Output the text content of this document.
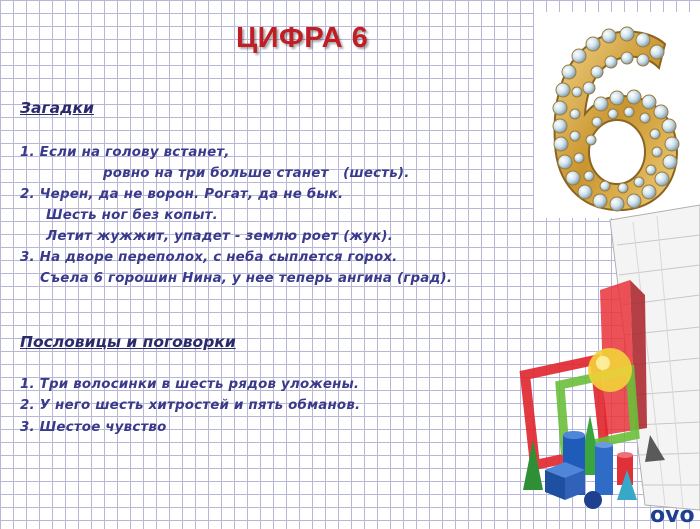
ЦИФРА 6
ovo
Загадки
1. Если на голову встанет,
ровно на три больше станет   (шесть).
2. Черен, да не ворон. Рогат, да не бык.
Шесть ног без копыт.
Летит жужжит, упадет - землю роет (жук).
3. На дворе переполох, с неба сыплется горох.
Съела 6 горошин Нина, у нее теперь ангина (град).
Пословицы и поговорки
1. Три волосинки в шесть рядов уложены.
2. У него шесть хитростей и пять обманов.
3. Шестое чувство
